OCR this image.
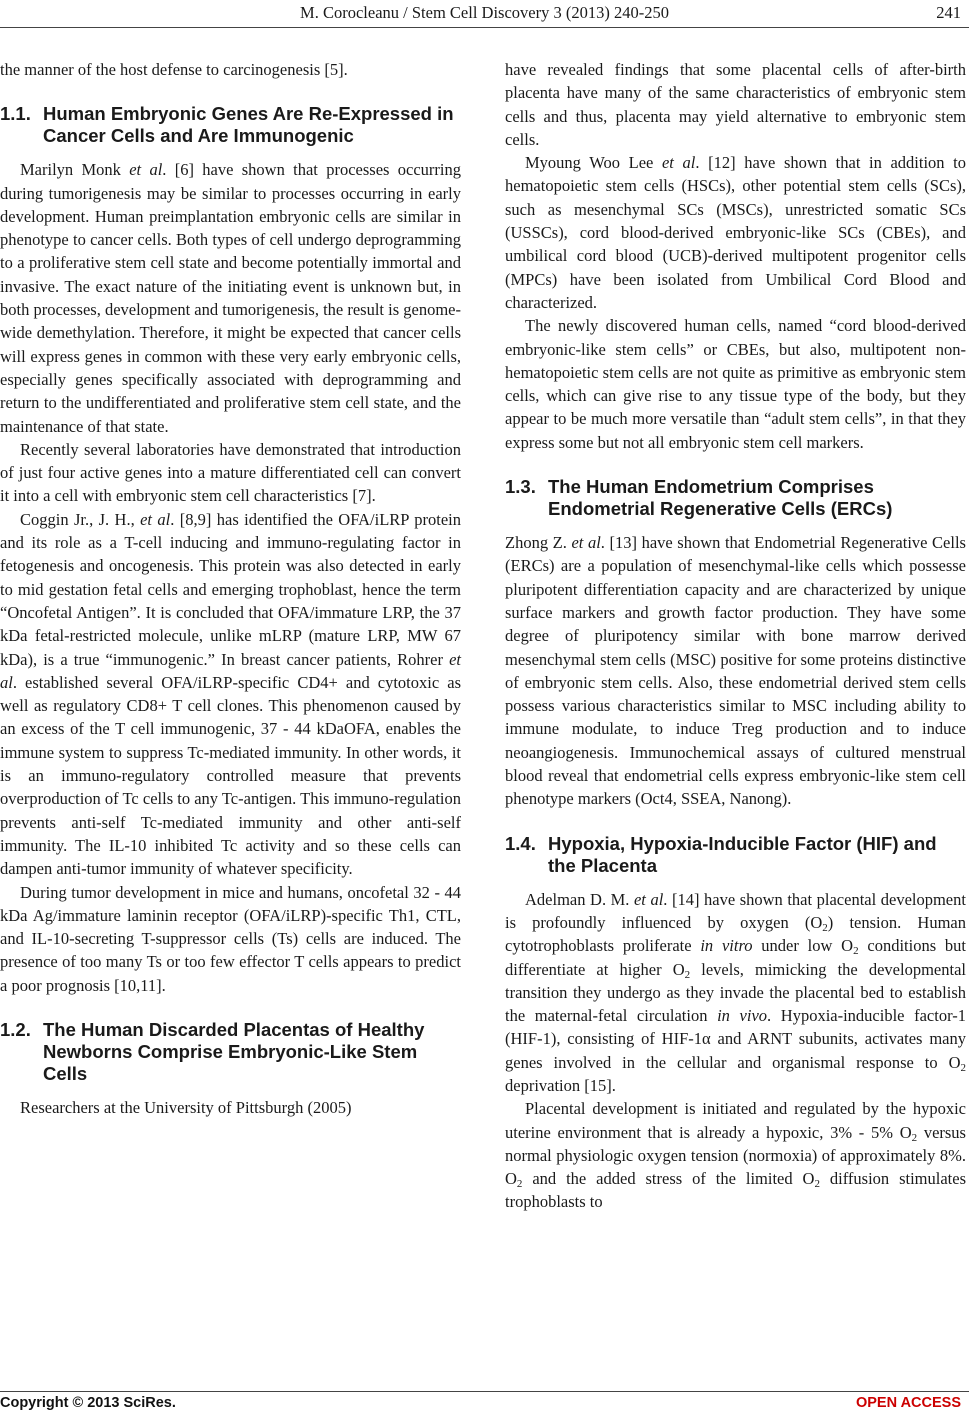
M. Corocleanu / Stem Cell Discovery 3 (2013) 240-250	241

the manner of the host defense to carcinogenesis [5].

1.1. Human Embryonic Genes Are Re-Expressed in Cancer Cells and Are Immunogenic

Marilyn Monk et al. [6] have shown that processes occurring during tumorigenesis may be similar to processes occurring in early development. Human preimplantation embryonic cells are similar in phenotype to cancer cells. Both types of cell undergo deprogramming to a proliferative stem cell state and become potentially immortal and invasive. The exact nature of the initiating event is unknown but, in both processes, development and tumorigenesis, the result is genome-wide demethylation. Therefore, it might be expected that cancer cells will express genes in common with these very early embryonic cells, especially genes specifically associated with deprogramming and return to the undifferentiated and proliferative stem cell state, and the maintenance of that state.

Recently several laboratories have demonstrated that introduction of just four active genes into a mature differentiated cell can convert it into a cell with embryonic stem cell characteristics [7].

Coggin Jr., J. H., et al. [8,9] has identified the OFA/iLRP protein and its role as a T-cell inducing and immuno-regulating factor in fetogenesis and oncogenesis. This protein was also detected in early to mid gestation fetal cells and emerging trophoblast, hence the term “Oncofetal Antigen”. It is concluded that OFA/immature LRP, the 37 kDa fetal-restricted molecule, unlike mLRP (mature LRP, MW 67 kDa), is a true “immunogenic.” In breast cancer patients, Rohrer et al. established several OFA/iLRP-specific CD4+ and cytotoxic as well as regulatory CD8+ T cell clones. This phenomenon caused by an excess of the T cell immunogenic, 37 - 44 kDaOFA, enables the immune system to suppress Tc-mediated immunity. In other words, it is an immuno-regulatory controlled measure that prevents overproduction of Tc cells to any Tc-antigen. This immuno-regulation prevents anti-self Tc-mediated immunity and other anti-self immunity. The IL-10 inhibited Tc activity and so these cells can dampen anti-tumor immunity of whatever specificity.

During tumor development in mice and humans, oncofetal 32 - 44 kDa Ag/immature laminin receptor (OFA/iLRP)-specific Th1, CTL, and IL-10-secreting T-suppressor cells (Ts) cells are induced. The presence of too many Ts or too few effector T cells appears to predict a poor prognosis [10,11].

1.2. The Human Discarded Placentas of Healthy Newborns Comprise Embryonic-Like Stem Cells

Researchers at the University of Pittsburgh (2005)

have revealed findings that some placental cells of after-birth placenta have many of the same characteristics of embryonic stem cells and thus, placenta may yield alternative to embryonic stem cells.

Myoung Woo Lee et al. [12] have shown that in addition to hematopoietic stem cells (HSCs), other potential stem cells (SCs), such as mesenchymal SCs (MSCs), unrestricted somatic SCs (USSCs), cord blood-derived embryonic-like SCs (CBEs), and umbilical cord blood (UCB)-derived multipotent progenitor cells (MPCs) have been isolated from Umbilical Cord Blood and characterized.

The newly discovered human cells, named “cord blood-derived embryonic-like stem cells” or CBEs, but also, multipotent non-hematopoietic stem cells are not quite as primitive as embryonic stem cells, which can give rise to any tissue type of the body, but they appear to be much more versatile than “adult stem cells”, in that they express some but not all embryonic stem cell markers.

1.3. The Human Endometrium Comprises Endometrial Regenerative Cells (ERCs)

Zhong Z. et al. [13] have shown that Endometrial Regenerative Cells (ERCs) are a population of mesenchymal-like cells which possesse pluripotent differentiation capacity and are characterized by unique surface markers and growth factor production. They have some degree of pluripotency similar with bone marrow derived mesenchymal stem cells (MSC) positive for some proteins distinctive of embryonic stem cells. Also, these endometrial derived stem cells possess various characteristics similar to MSC including ability to immune modulate, to induce Treg production and to induce neoangiogenesis. Immunochemical assays of cultured menstrual blood reveal that endometrial cells express embryonic-like stem cell phenotype markers (Oct4, SSEA, Nanong).

1.4. Hypoxia, Hypoxia-Inducible Factor (HIF) and the Placenta

Adelman D. M. et al. [14] have shown that placental development is profoundly influenced by oxygen $(O_2)$ tension. Human cytotrophoblasts proliferate in vitro under low $O_2$ conditions but differentiate at higher $O_2$ levels, mimicking the developmental transition they undergo as they invade the placental bed to establish the maternal-fetal circulation in vivo. Hypoxia-inducible factor-1 (HIF-1), consisting of HIF-1α and ARNT subunits, activates many genes involved in the cellular and organismal response to $O_2$ deprivation [15].

Placental development is initiated and regulated by the hypoxic uterine environment that is already a hypoxic, 3% - 5% $O_2$ versus normal physiologic oxygen tension (normoxia) of approximately 8%. $O_2$ and the added stress of the limited $O_2$ diffusion stimulates trophoblasts to

Copyright © 2013 SciRes.	OPEN ACCESS
